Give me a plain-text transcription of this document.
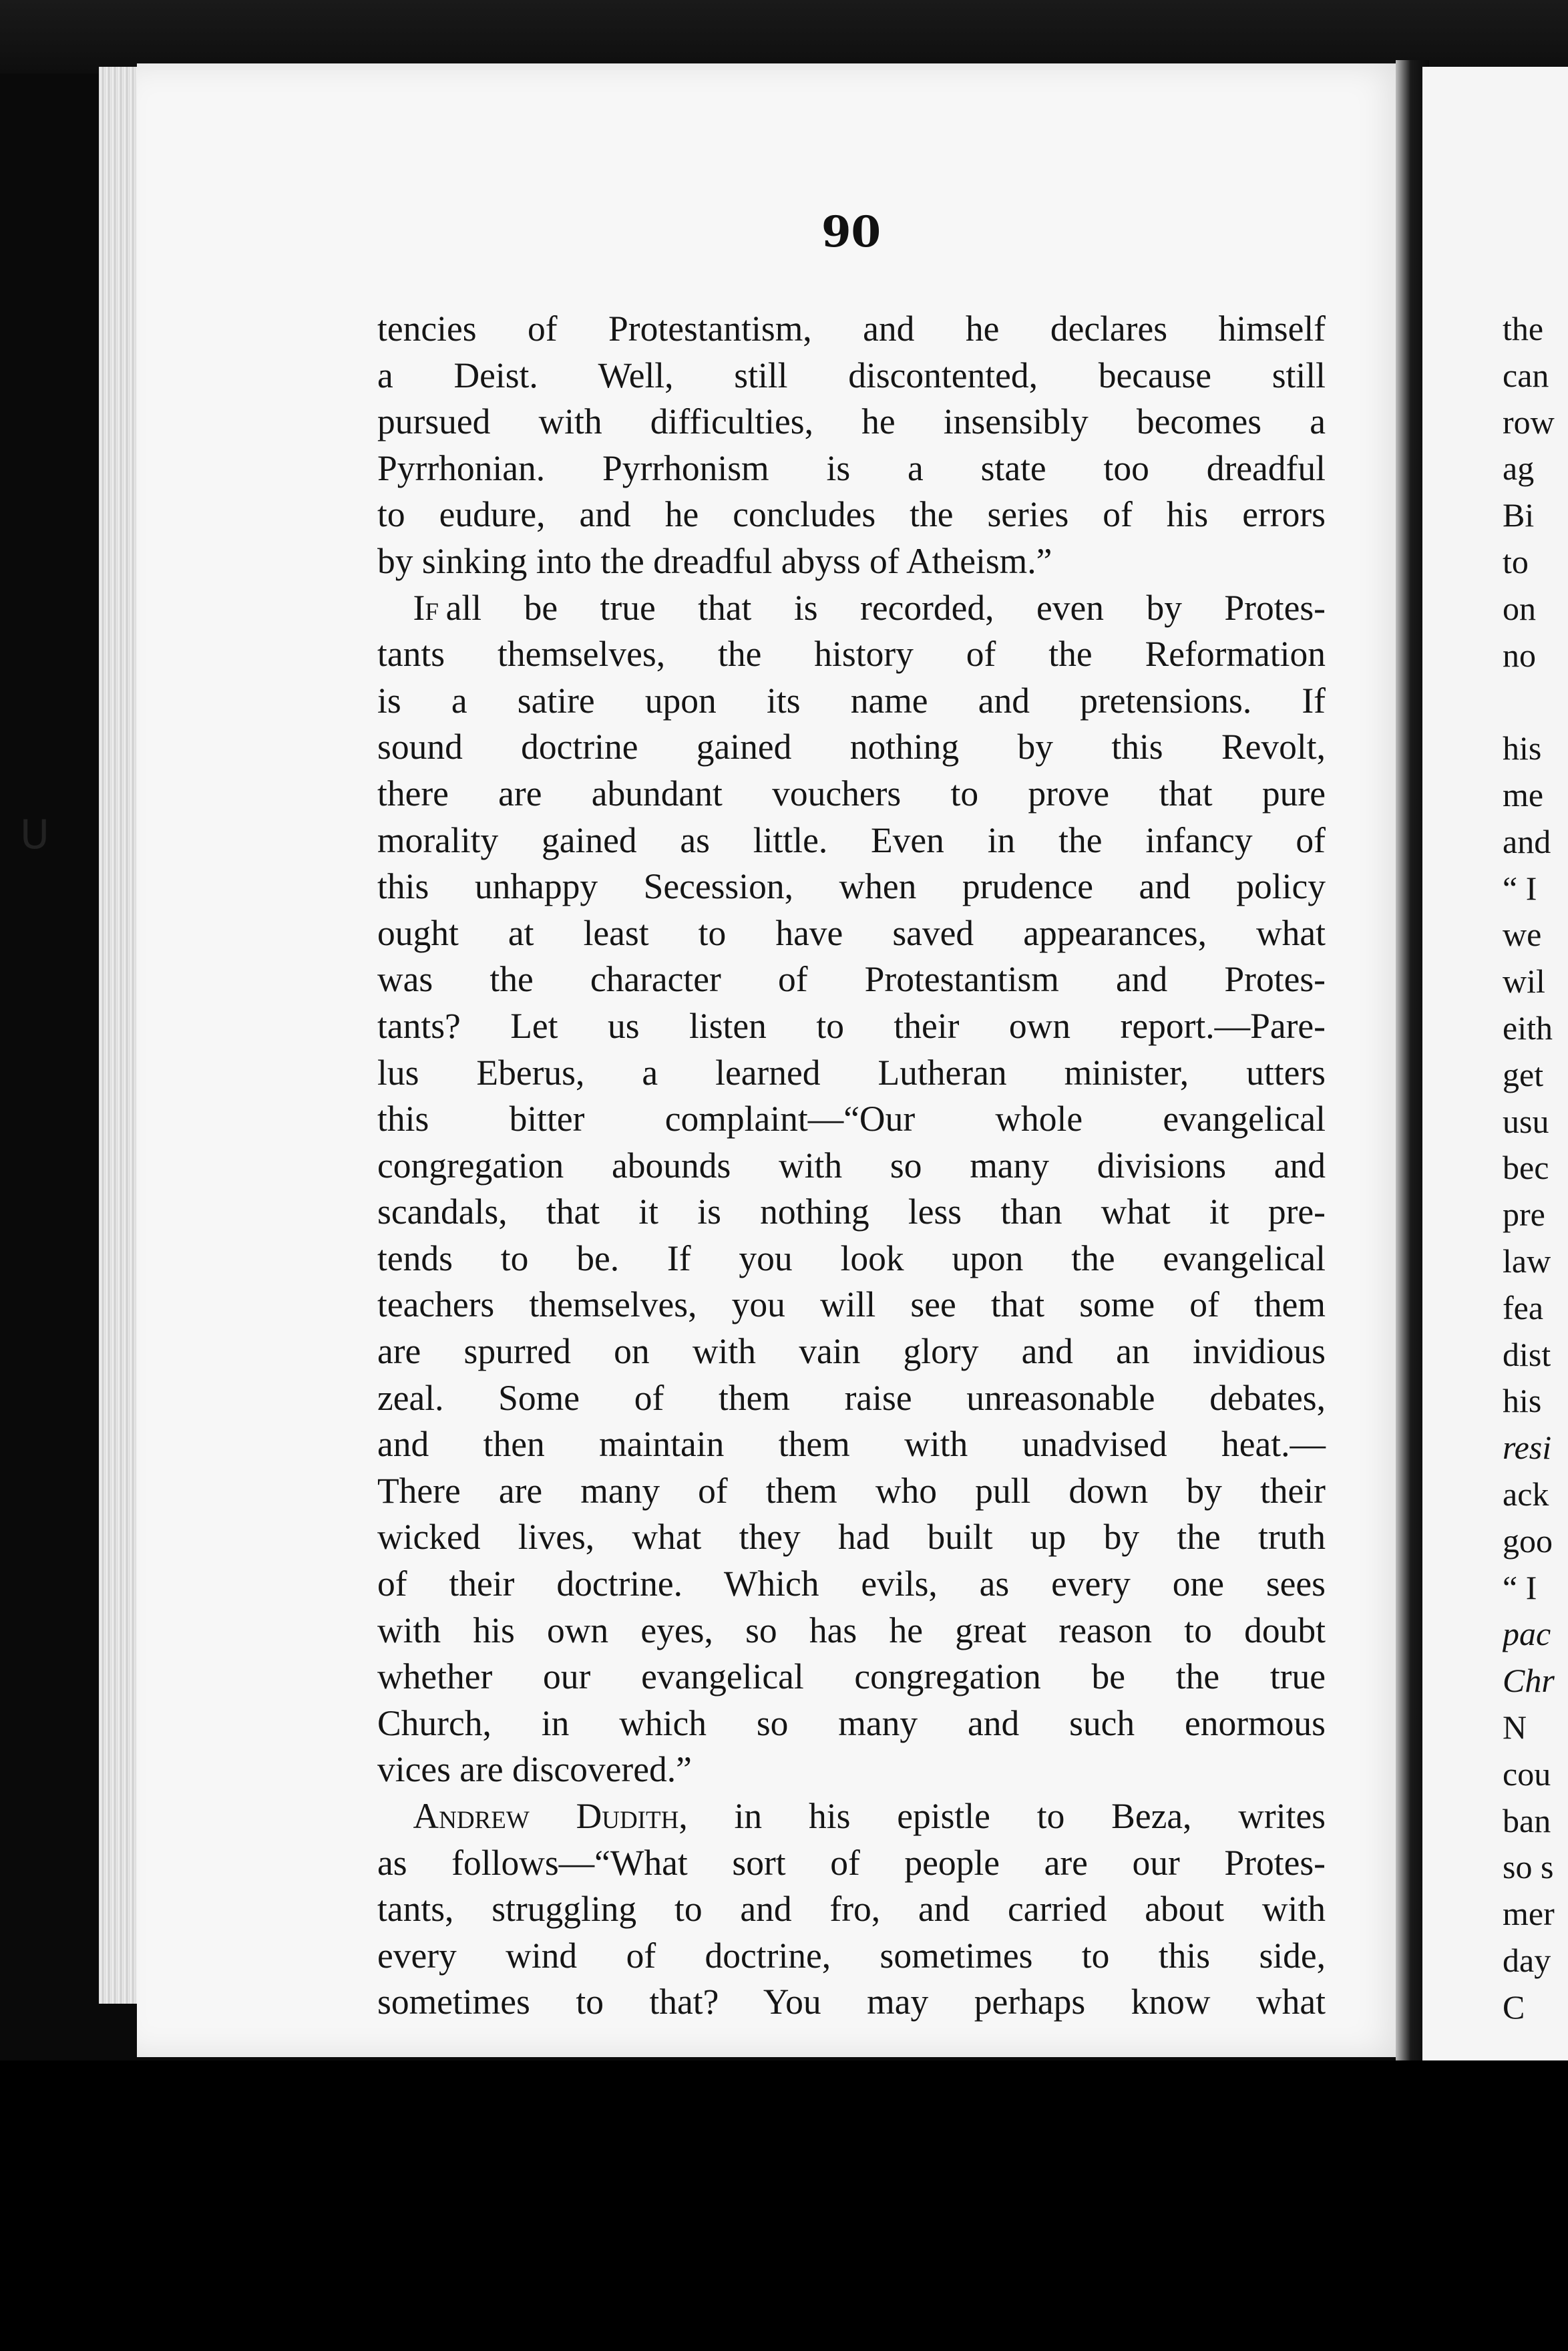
ᑌ
90
tencies of Protestantism, and he declares himself
a Deist. Well, still discontented, because still
pursued with difficulties, he insensibly becomes a
Pyrrhonian. Pyrrhonism is a state too dreadful
to eudure, and he concludes the series of his errors
by sinking into the dreadful abyss of Atheism.”
 If  all be true that is recorded, even by Protes-
tants themselves, the history of the Reformation
is a satire upon its name and pretensions. If
sound doctrine gained nothing by this Revolt,
there are abundant vouchers to prove that pure
morality gained as little. Even in the infancy of
this unhappy Secession, when prudence and policy
ought at least to have saved appearances, what
was the character of Protestantism and Protes-
tants? Let us listen to their own report.—Pare-
lus Eberus, a learned Lutheran minister, utters
this bitter complaint—“Our whole evangelical
congregation abounds with so many divisions and
scandals, that it is nothing less than what it pre-
tends to be. If you look upon the evangelical
teachers themselves, you will see that some of them
are spurred on with vain glory and an invidious
zeal. Some of them raise unreasonable debates,
and then maintain them with unadvised heat.—
There are many of them who pull down by their
wicked lives, what they had built up by the truth
of their doctrine. Which evils, as every one sees
with his own eyes, so has he great reason to doubt
whether our evangelical congregation be the true
Church, in which so many and such enormous
vices are discovered.”
 Andrew Dudith, in his epistle to Beza, writes
as follows—“What sort of people are our Protes-
tants, struggling to and fro, and carried about with
every wind of doctrine, sometimes to this side,
sometimes to that? You may perhaps know what
the
can
row
ag
Bi
to
on
no
his
me
and
“ I
we
wil
eith
get
usu
bec
pre
law
fea
dist
his
resi
ack
goo
“ I
pac
Chr
N
cou
ban
so s
mer
day
C
